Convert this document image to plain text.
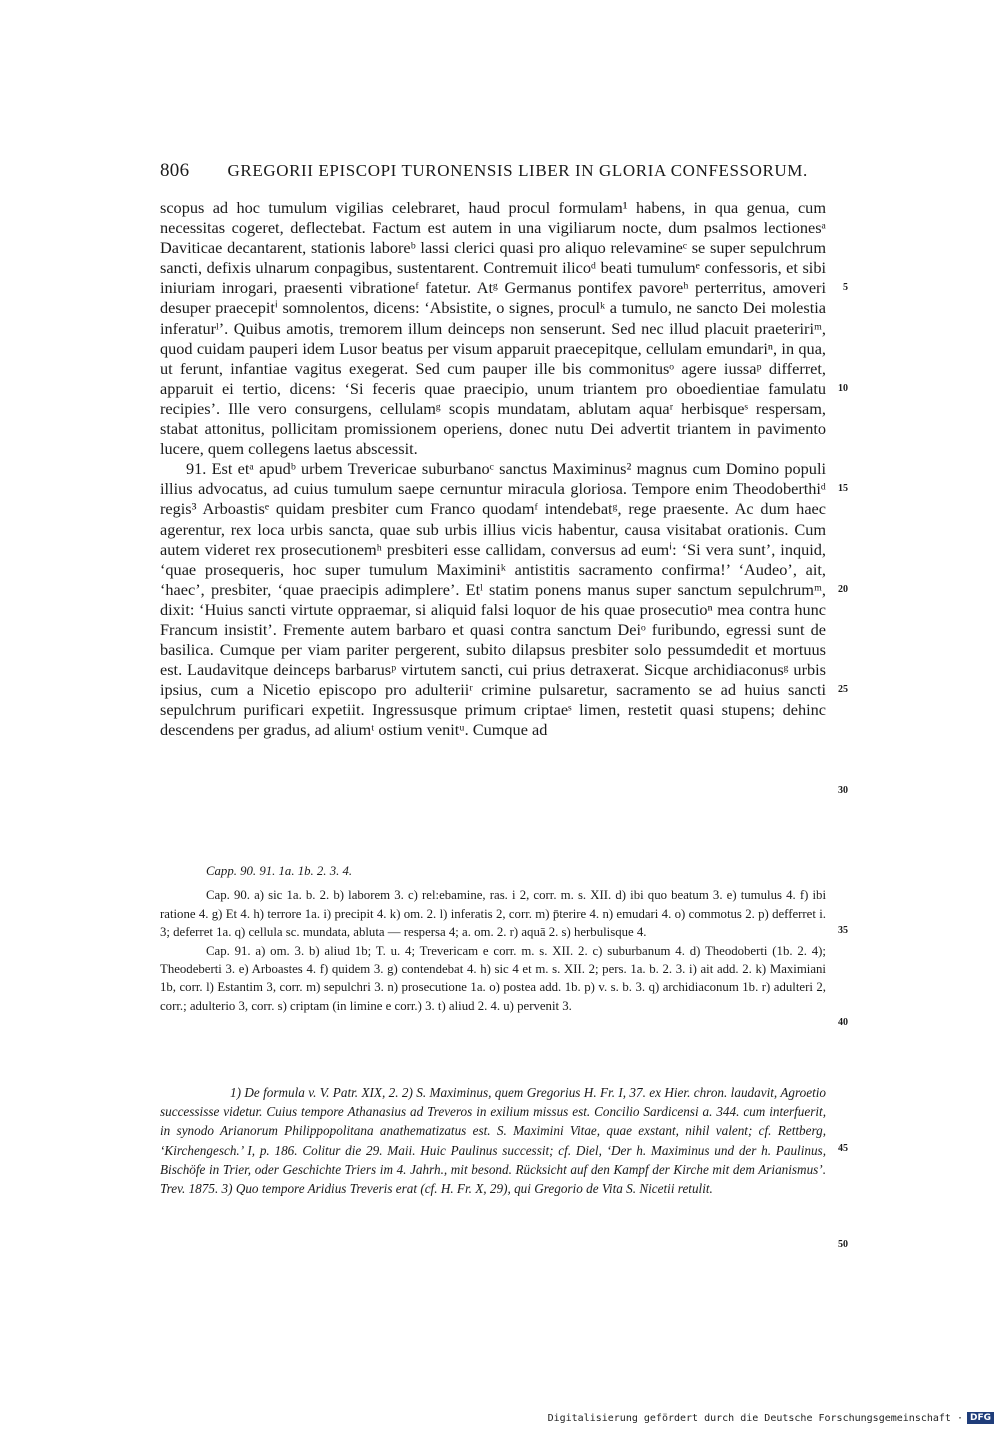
806	GREGORII EPISCOPI TURONENSIS LIBER IN GLORIA CONFESSORUM.

scopus ad hoc tumulum vigilias celebraret, haud procul formulam¹ habens, in qua genua, cum necessitas cogeret, deflectebat. Factum est autem in una vigiliarum nocte, dum psalmos lectionesᵃ Daviticae decantarent, stationis laboreᵇ lassi clerici quasi pro aliquo relevamineᶜ se super sepulchrum sancti, defixis ulnarum conpagibus, sustentarent. Contremuit ilicoᵈ beati tumulumᵉ confessoris, et sibi iniuriam inrogari, praesenti vibrationeᶠ fatetur. Atᵍ Germanus pontifex pavoreʰ perterritus, amoveri desuper praecepitⁱ somnolentos, dicens: ‘Absistite, o signes, proculᵏ a tumulo, ne sancto Dei molestia inferaturˡ’. Quibus amotis, tremorem illum deinceps non senserunt. Sed nec illud placuit praeteririᵐ, quod cuidam pauperi idem Lusor beatus per visum apparuit praecepitque, cellulam emundariⁿ, in qua, ut ferunt, infantiae vagitus exegerat. Sed cum pauper ille bis commonitusᵒ agere iussaᵖ differret, apparuit ei tertio, dicens: ‘Si feceris quae praecipio, unum triantem pro oboedientiae famulatu recipies’. Ille vero consurgens, cellulamᵍ scopis mundatam, ablutam aquaʳ herbisqueˢ respersam, stabat attonitus, pollicitam promissionem operiens, donec nutu Dei advertit triantem in pavimento lucere, quem collegens laetus abscessit.

91. Est etᵃ apudᵇ urbem Trevericae suburbanoᶜ sanctus Maximinus² magnus cum Domino populi illius advocatus, ad cuius tumulum saepe cernuntur miracula gloriosa. Tempore enim Theodoberthiᵈ regis³ Arboastisᵉ quidam presbiter cum Franco quodamᶠ intendebatᵍ, rege praesente. Ac dum haec agerentur, rex loca urbis sancta, quae sub urbis illius vicis habentur, causa visitabat orationis. Cum autem videret rex prosecutionemʰ presbiteri esse callidam, conversus ad eumⁱ: ‘Si vera sunt’, inquid, ‘quae prosequeris, hoc super tumulum Maximiniᵏ antistitis sacramento confirma!’ ‘Audeo’, ait, ‘haec’, presbiter, ‘quae praecipis adimplere’. Etˡ statim ponens manus super sanctum sepulchrumᵐ, dixit: ‘Huius sancti virtute oppraemar, si aliquid falsi loquor de his quae prosecutioⁿ mea contra hunc Francum insistit’. Fremente autem barbaro et quasi contra sanctum Deiᵒ furibundo, egressi sunt de basilica. Cumque per viam pariter pergerent, subito dilapsus presbiter solo pessumdedit et mortuus est. Laudavitque deinceps barbarusᵖ virtutem sancti, cui prius detraxerat. Sicque archidiaconusᵍ urbis ipsius, cum a Nicetio episcopo pro adulteriiʳ crimine pulsaretur, sacramento se ad huius sancti sepulchrum purificari expetiit. Ingressusque primum criptaeˢ limen, restetit quasi stupens; dehinc descendens per gradus, ad aliumᵗ ostium venitᵘ. Cumque ad

5
10
15
20
25
30

Capp. 90. 91. 1a. 1b. 2. 3. 4.

Cap. 90. a) sic 1a. b. 2. b) laborem 3. c) rel:ebamine, ras. i 2, corr. m. s. XII. d) ibi quo beatum 3. e) tumulus 4. f) ibi ratione 4. g) Et 4. h) terrore 1a. i) precipit 4. k) om. 2. l) inferatis 2, corr. m) p̄terire 4. n) emudari 4. o) commotus 2. p) defferret i. 3; deferret 1a. q) cellula sc. mundata, abluta — respersa 4; a. om. 2. r) aquā 2. s) herbulisque 4.

Cap. 91. a) om. 3. b) aliud 1b; T. u. 4; Trevericam e corr. m. s. XII. 2. c) suburbanum 4. d) Theodoberti (1b. 2. 4); Theodeberti 3. e) Arboastes 4. f) quidem 3. g) contendebat 4. h) sic 4 et m. s. XII. 2; pers. 1a. b. 2. 3. i) ait add. 2. k) Maximiani 1b, corr. l) Estantim 3, corr. m) sepulchri 3. n) prosecutione 1a. o) postea add. 1b. p) v. s. b. 3. q) archidiaconum 1b. r) adulteri 2, corr.; adulterio 3, corr. s) criptam (in limine e corr.) 3. t) aliud 2. 4. u) pervenit 3.

35
40

1) De formula v. V. Patr. XIX, 2. 2) S. Maximinus, quem Gregorius H. Fr. I, 37. ex Hier. chron. laudavit, Agroetio successisse videtur. Cuius tempore Athanasius ad Treveros in exilium missus est. Concilio Sardicensi a. 344. cum interfuerit, in synodo Arianorum Philippopolitana anathematizatus est. S. Maximini Vitae, quae exstant, nihil valent; cf. Rettberg, ‘Kirchengesch.’ I, p. 186. Colitur die 29. Maii. Huic Paulinus successit; cf. Diel, ‘Der h. Maximinus und der h. Paulinus, Bischöfe in Trier, oder Geschichte Triers im 4. Jahrh., mit besond. Rücksicht auf den Kampf der Kirche mit dem Arianismus’. Trev. 1875. 3) Quo tempore Aridius Treveris erat (cf. H. Fr. X, 29), qui Gregorio de Vita S. Nicetii retulit.

45
50
Digitalisierung gefördert durch die Deutsche Forschungsgemeinschaft · DFG
